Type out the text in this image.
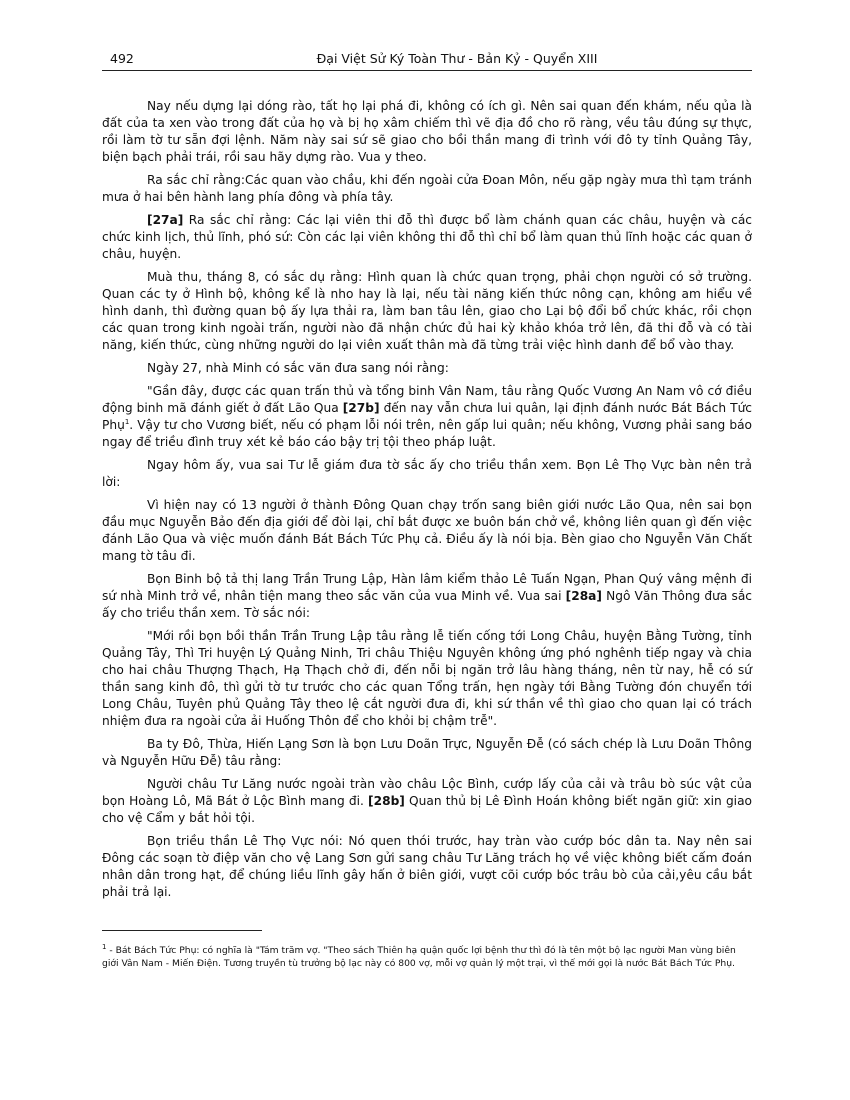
492	Đại Việt Sử Ký Toàn Thư - Bản Kỷ - Quyển XIII

Nay nếu dựng lại dóng rào, tất họ lại phá đi, không có ích gì. Nên sai quan đến khám, nếu qủa là đất của ta xen vào trong đất của họ và bị họ xâm chiếm thì vẽ địa đồ cho rõ ràng, vều tâu đúng sự thực, rồi làm tờ tư sẵn đợi lệnh. Năm này sai sứ sẽ giao cho bồi thần mang đi trình với đô ty tỉnh Quảng Tây, biện bạch phải trái, rồi sau hãy dựng rào. Vua y theo.

Ra sắc chỉ rằng:Các quan vào chầu, khi đến ngoài cửa Đoan Môn, nếu gặp ngày mưa thì tạm tránh mưa ở hai bên hành lang phía đông và phía tây.

[27a] Ra sắc chỉ rằng: Các lại viên thi đỗ thì được bổ làm chánh quan các châu, huyện và các chức kinh lịch, thủ lĩnh, phó sứ: Còn các lại viên không thi đỗ thì chỉ bổ làm quan thủ lĩnh hoặc các quan ở châu, huyện.

Muà thu, tháng 8, có sắc dụ rằng: Hình quan là chức quan trọng, phải chọn người có sở trường. Quan các ty ở Hình bộ, không kể là nho hay là lại, nếu tài năng kiến thức nông cạn, không am hiểu về hình danh, thì đường quan bộ ấy lựa thải ra, làm ban tâu lên, giao cho Lại bộ đổi bổ chức khác, rồi chọn các quan trong kinh ngoài trấn, người nào đã nhận chức đủ hai kỳ khảo khóa trở lên, đã thi đỗ và có tài năng, kiến thức, cùng những người do lại viên xuất thân mà đã từng trải việc hình danh để bổ vào thay.

Ngày 27, nhà Minh có sắc văn đưa sang nói rằng:

"Gần đây, được các quan trấn thủ và tổng binh Vân Nam, tâu rằng Quốc Vương An Nam vô cớ điều động binh mã đánh giết ở đất Lão Qua [27b] đến nay vẫn chưa lui quân, lại định đánh nước Bát Bách Tức Phụ$^1$. Vậy tư cho Vương biết, nếu có phạm lỗi nói trên, nên gấp lui quân; nếu không, Vương phải sang báo ngay để triều đình truy xét kẻ báo cáo bậy trị tội theo pháp luật.

Ngay hôm ấy, vua sai Tư lễ giám đưa tờ sắc ấy cho triều thần xem. Bọn Lê Thọ Vực bàn nên trả lời:

Vì hiện nay có 13 người ở thành Đông Quan chạy trốn sang biên giới nước Lão Qua, nên sai bọn đầu mục Nguyễn Bảo đến địa giới để đòi lại, chỉ bắt được xe buôn bán chở về, không liên quan gì đến việc đánh Lão Qua và việc muốn đánh Bát Bách Tức Phụ cả. Điều ấy là nói bịa. Bèn giao cho Nguyễn Văn Chất mang tờ tâu đi.

Bọn Binh bộ tả thị lang Trần Trung Lập, Hàn lâm kiểm thảo Lê Tuấn Ngạn, Phan Quý vâng mệnh đi sứ nhà Minh trở về, nhân tiện mang theo sắc văn của vua Minh về. Vua sai [28a] Ngô Văn Thông đưa sắc ấy cho triều thần xem. Tờ sắc nói:

"Mới rồi bọn bồi thần Trần Trung Lập tâu rằng lễ tiến cống tới Long Châu, huyện Bằng Tường, tỉnh Quảng Tây, Thì Tri huyện Lý Quảng Ninh, Tri châu Thiệu Nguyên không ứng phó nghênh tiếp ngay và chia cho hai châu Thượng Thạch, Hạ Thạch chở đi, đến nỗi bị ngăn trở lâu hàng tháng, nên từ nay, hễ có sứ thần sang kinh đô, thì gửi tờ tư trước cho các quan Tổng trấn, hẹn ngày tới Bằng Tường đón chuyển tới Long Châu, Tuyên phủ Quảng Tây theo lệ cắt người đưa đi, khi sứ thần về thì giao cho quan lại có trách nhiệm đưa ra ngoài cửa ải Huống Thôn để cho khỏi bị chậm trễ".

Ba ty Đô, Thừa, Hiến Lạng Sơn là bọn Lưu Doãn Trực, Nguyễn Đễ (có sách chép là Lưu Doãn Thông và Nguyễn Hữu Đễ) tâu rằng:

Người châu Tư Lăng nước ngoài tràn vào châu Lộc Bình, cướp lấy của cải và trâu bò súc vật của bọn Hoàng Lô, Mã Bát ở Lộc Bình mang đi. [28b] Quan thủ bị Lê Đình Hoán không biết ngăn giữ: xin giao cho vệ Cẩm y bắt hỏi tội.

Bọn triều thần Lê Thọ Vực nói: Nó quen thói trước, hay tràn vào cướp bóc dân ta. Nay nên sai Đông các soạn tờ điệp văn cho vệ Lang Sơn gửi sang châu Tư Lăng trách họ về việc không biết cấm đoán nhân dân trong hạt, để chúng liều lĩnh gây hấn ở biên giới, vượt cõi cướp bóc trâu bò của cải,yêu cầu bắt phải trả lại.

$^1$ - Bát Bách Tức Phụ: có nghĩa là "Tám trăm vợ. "Theo sách Thiên hạ quận quốc lợi bệnh thư thì đó là tên một bộ lạc người Man vùng biên giới Vân Nam - Miến Điện. Tương truyền tù trưởng bộ lạc này có 800 vợ, mỗi vợ quản lý một trại, vì thế mới gọi là nước Bát Bách Tức Phụ.
